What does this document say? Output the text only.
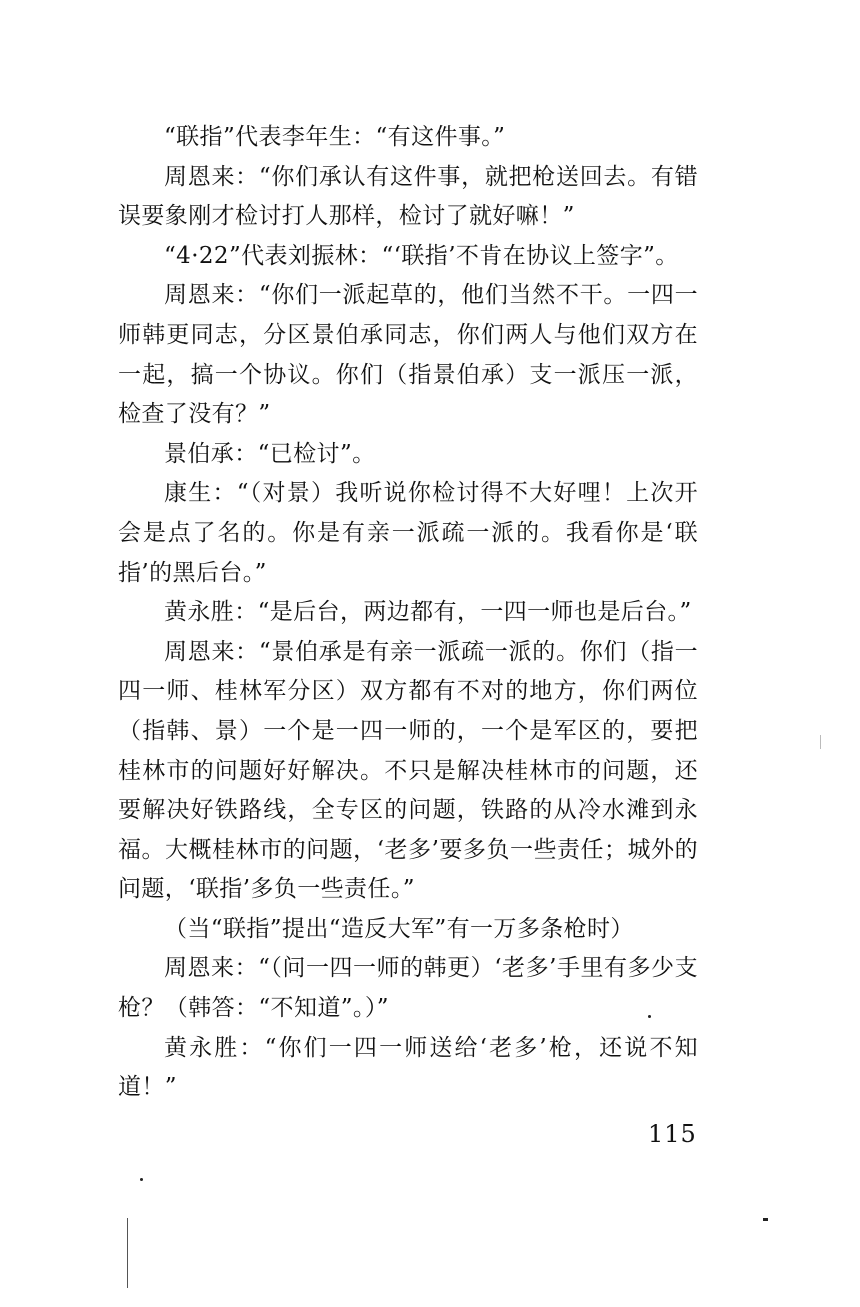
“联指”代表李年生：“有这件事。”

周恩来：“你们承认有这件事，就把枪送回去。有错误要象刚才检讨打人那样，检讨了就好嘛！”

“4·22”代表刘振林：“‘联指’不肯在协议上签字”。

周恩来：“你们一派起草的，他们当然不干。一四一师韩更同志，分区景伯承同志，你们两人与他们双方在一起，搞一个协议。你们（指景伯承）支一派压一派，检查了没有？”

景伯承：“已检讨”。

康生：“（对景）我听说你检讨得不大好哩！上次开会是点了名的。你是有亲一派疏一派的。我看你是‘联指’的黑后台。”

黄永胜：“是后台，两边都有，一四一师也是后台。”

周恩来：“景伯承是有亲一派疏一派的。你们（指一四一师、桂林军分区）双方都有不对的地方，你们两位（指韩、景）一个是一四一师的，一个是军区的，要把桂林市的问题好好解决。不只是解决桂林市的问题，还要解决好铁路线，全专区的问题，铁路的从冷水滩到永福。大概桂林市的问题，‘老多’要多负一些责任；城外的问题，‘联指’多负一些责任。”

（当“联指”提出“造反大军”有一万多条枪时）

周恩来：“（问一四一师的韩更）‘老多’手里有多少支枪？（韩答：“不知道”。）”

黄永胜：“你们一四一师送给‘老多’枪，还说不知道！”

115
